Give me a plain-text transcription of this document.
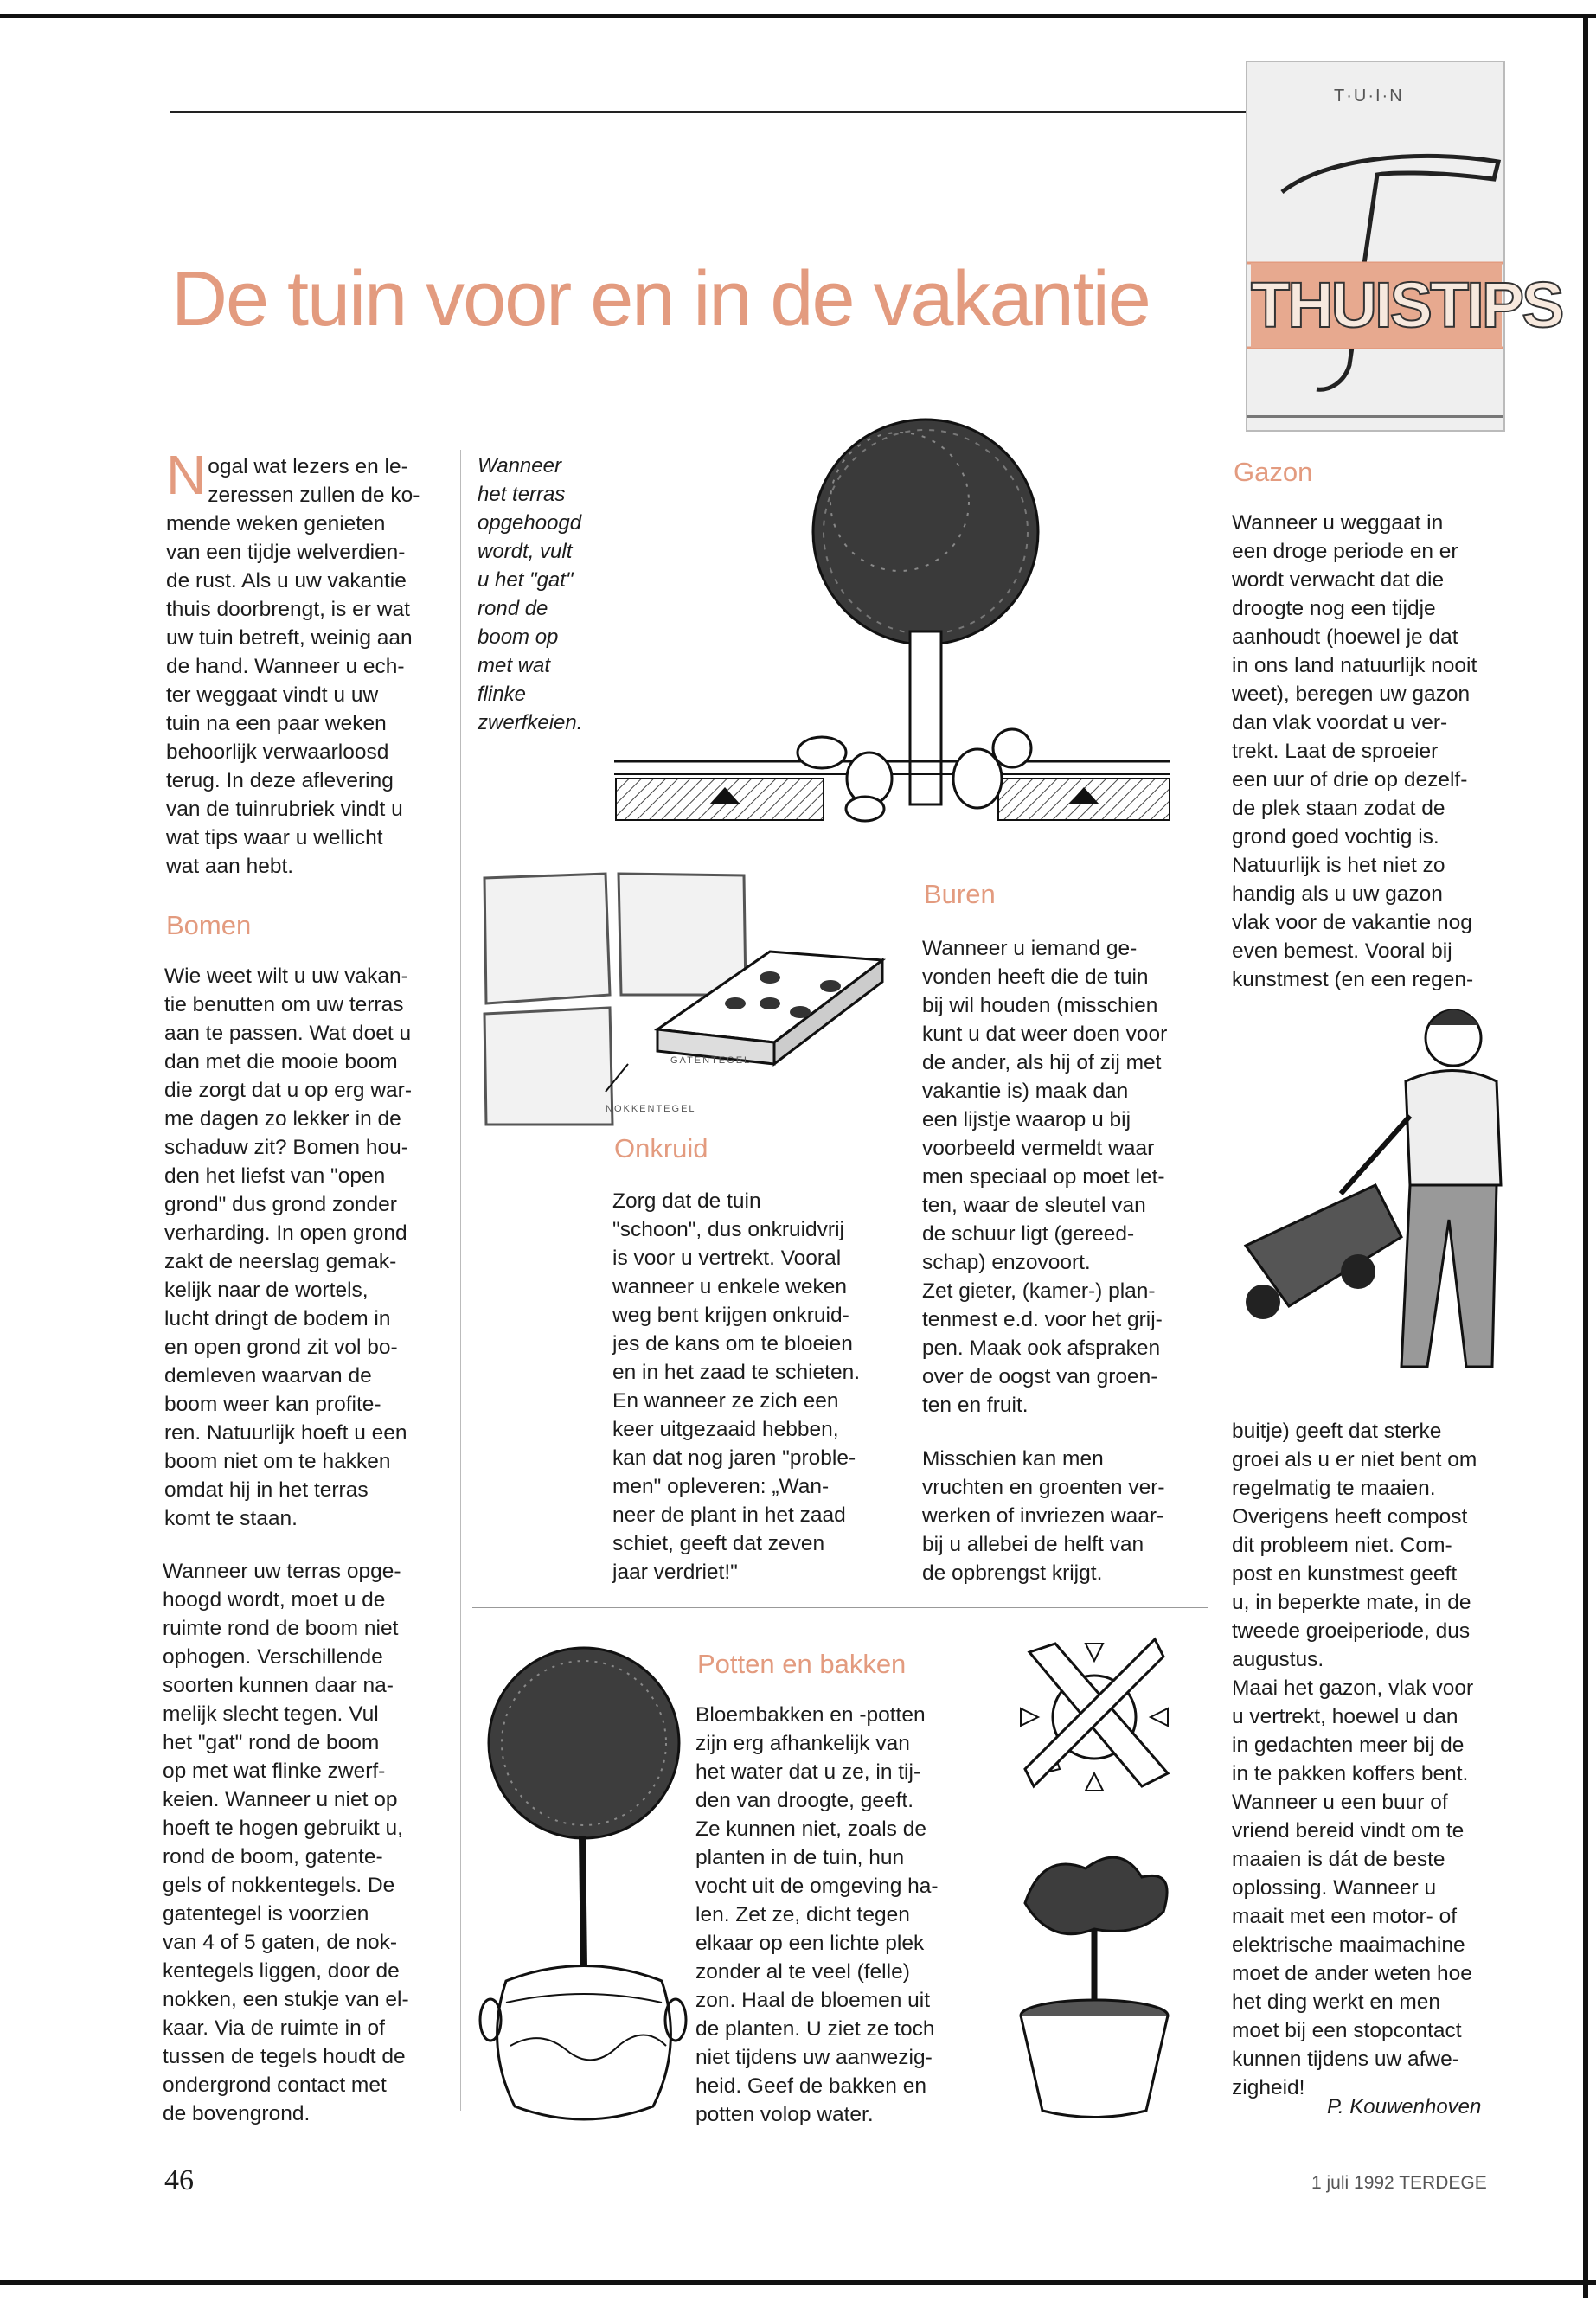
T·U·I·N
THUISTIPS
De tuin voor en in de vakantie

Nogal wat lezers en le-
zeressen zullen de ko-
mende weken genieten
van een tijdje welverdien-
de rust. Als u uw vakantie
thuis doorbrengt, is er wat
uw tuin betreft, weinig aan
de hand. Wanneer u ech-
ter weggaat vindt u uw
tuin na een paar weken
behoorlijk verwaarloosd
terug. In deze aflevering
van de tuinrubriek vindt u
wat tips waar u wellicht
wat aan hebt.

Bomen
Wie weet wilt u uw vakan-
tie benutten om uw terras
aan te passen. Wat doet u
dan met die mooie boom
die zorgt dat u op erg war-
me dagen zo lekker in de
schaduw zit? Bomen hou-
den het liefst van "open
grond" dus grond zonder
verharding. In open grond
zakt de neerslag gemak-
kelijk naar de wortels,
lucht dringt de bodem in
en open grond zit vol bo-
demleven waarvan de
boom weer kan profite-
ren. Natuurlijk hoeft u een
boom niet om te hakken
omdat hij in het terras
komt te staan.
Wanneer uw terras opge-
hoogd wordt, moet u de
ruimte rond de boom niet
ophogen. Verschillende
soorten kunnen daar na-
melijk slecht tegen. Vul
het "gat" rond de boom
op met wat flinke zwerf-
keien. Wanneer u niet op
hoeft te hogen gebruikt u,
rond de boom, gatente-
gels of nokkentegels. De
gatentegel is voorzien
van 4 of 5 gaten, de nok-
kentegels liggen, door de
nokken, een stukje van el-
kaar. Via de ruimte in of
tussen de tegels houdt de
ondergrond contact met
de bovengrond.
Wanneer
het terras
opgehoogd
wordt, vult
u het "gat"
rond de
boom op
met wat
flinke
zwerfkeien.
GATENTEGEL
NOKKENTEGEL
Onkruid
Zorg dat de tuin
"schoon", dus onkruidvrij
is voor u vertrekt. Vooral
wanneer u enkele weken
weg bent krijgen onkruid-
jes de kans om te bloeien
en in het zaad te schieten.
En wanneer ze zich een
keer uitgezaaid hebben,
kan dat nog jaren "proble-
men" opleveren: „Wan-
neer de plant in het zaad
schiet, geeft dat zeven
jaar verdriet!"
Buren
Wanneer u iemand ge-
vonden heeft die de tuin
bij wil houden (misschien
kunt u dat weer doen voor
de ander, als hij of zij met
vakantie is) maak dan
een lijstje waarop u bij
voorbeeld vermeldt waar
men speciaal op moet let-
ten, waar de sleutel van
de schuur ligt (gereed-
schap) enzovoort.
Zet gieter, (kamer-) plan-
tenmest e.d. voor het grij-
pen. Maak ook afspraken
over de oogst van groen-
ten en fruit.
Misschien kan men
vruchten en groenten ver-
werken of invriezen waar-
bij u allebei de helft van
de opbrengst krijgt.
Potten en bakken
Bloembakken en -potten
zijn erg afhankelijk van
het water dat u ze, in tij-
den van droogte, geeft.
Ze kunnen niet, zoals de
planten in de tuin, hun
vocht uit de omgeving ha-
len. Zet ze, dicht tegen
elkaar op een lichte plek
zonder al te veel (felle)
zon. Haal de bloemen uit
de planten. U ziet ze toch
niet tijdens uw aanwezig-
heid. Geef de bakken en
potten volop water.
Gazon
Wanneer u weggaat in
een droge periode en er
wordt verwacht dat die
droogte nog een tijdje
aanhoudt (hoewel je dat
in ons land natuurlijk nooit
weet), beregen uw gazon
dan vlak voordat u ver-
trekt. Laat de sproeier
een uur of drie op dezelf-
de plek staan zodat de
grond goed vochtig is.
Natuurlijk is het niet zo
handig als u uw gazon
vlak voor de vakantie nog
even bemest. Vooral bij
kunstmest (en een regen-
buitje) geeft dat sterke
groei als u er niet bent om
regelmatig te maaien.
Overigens heeft compost
dit probleem niet. Com-
post en kunstmest geeft
u, in beperkte mate, in de
tweede groeiperiode, dus
augustus.
Maai het gazon, vlak voor
u vertrekt, hoewel u dan
in gedachten meer bij de
in te pakken koffers bent.
Wanneer u een buur of
vriend bereid vindt om te
maaien is dát de beste
oplossing. Wanneer u
maait met een motor- of
elektrische maaimachine
moet de ander weten hoe
het ding werkt en men
moet bij een stopcontact
kunnen tijdens uw afwe-
zigheid!
P. Kouwenhoven
46	1 juli 1992 TERDEGE
